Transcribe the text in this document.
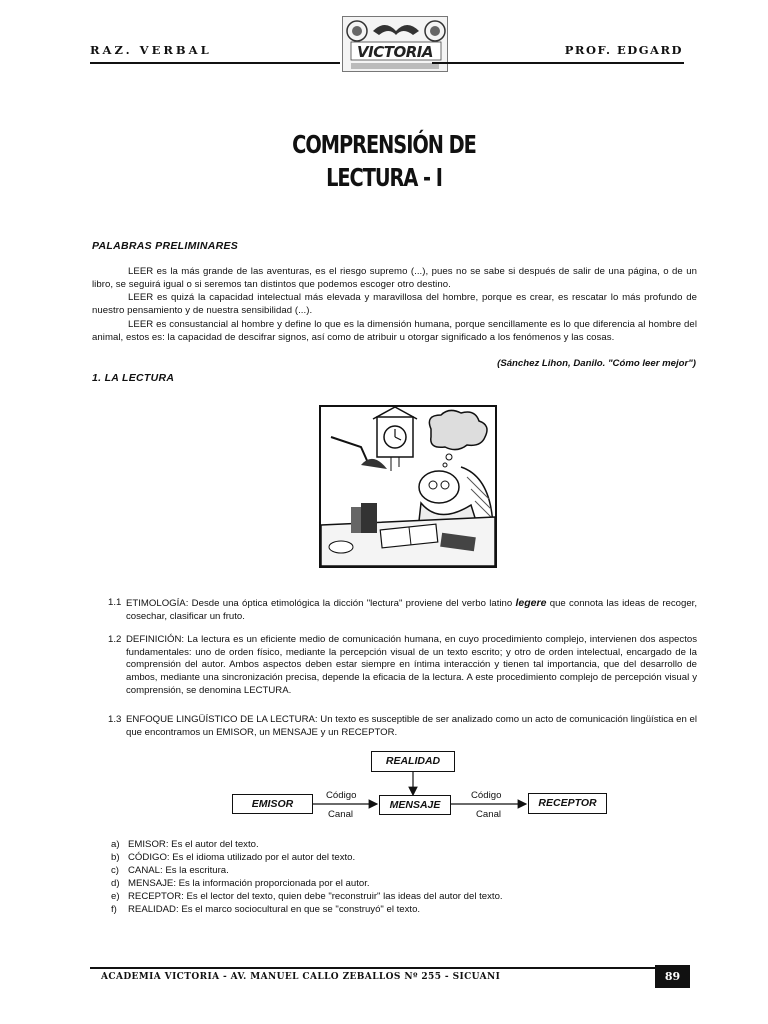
RAZ. VERBAL	VICTORIA	PROF. EDGARD
COMPRENSIÓN DE
LECTURA - I
PALABRAS PRELIMINARES
LEER es la más grande de las aventuras, es el riesgo supremo (...), pues no se sabe si después de salir de una página, o de un libro, se seguirá igual o si seremos tan distintos que podemos escoger otro destino.
LEER es quizá la capacidad intelectual más elevada y maravillosa del hombre, porque es crear, es rescatar lo más profundo de nuestro pensamiento y de nuestra sensibilidad (...).
LEER es consustancial al hombre y define lo que es la dimensión humana, porque sencillamente es lo que diferencia al hombre del animal, estos es: la capacidad de descifrar signos, así como de atribuir u otorgar significado a los fenómenos y las cosas.
(Sánchez Lihon, Danilo. "Cómo leer mejor")
1. LA LECTURA
1.1 ETIMOLOGÍA: Desde una óptica etimológica la dicción "lectura" proviene del verbo latino legere que connota las ideas de recoger, cosechar, clasificar un fruto.
1.2 DEFINICIÓN: La lectura es un eficiente medio de comunicación humana, en cuyo procedimiento complejo, intervienen dos aspectos fundamentales: uno de orden físico, mediante la percepción visual de un texto escrito; y otro de orden intelectual, encargado de la comprensión del autor. Ambos aspectos deben estar siempre en íntima interacción y tienen tal importancia, que del desarrollo de ambos, mediante una sincronización precisa, depende la eficacia de la lectura. A este procedimiento complejo de percepción visual y comprensión, se denomina LECTURA.
1.3 ENFOQUE LINGÜÍSTICO DE LA LECTURA: Un texto es susceptible de ser analizado como un acto de comunicación lingüística en el que encontramos un EMISOR, un MENSAJE y un RECEPTOR.
REALIDAD
EMISOR	MENSAJE	RECEPTOR
Código
Canal
Código
Canal
a) EMISOR: Es el autor del texto.
b) CÓDIGO: Es el idioma utilizado por el autor del texto.
c) CANAL: Es la escritura.
d) MENSAJE: Es la información proporcionada por el autor.
e) RECEPTOR: Es el lector del texto, quien debe "reconstruir" las ideas del autor del texto.
f) REALIDAD: Es el marco sociocultural en que se "construyó" el texto.
ACADEMIA VICTORIA - AV. MANUEL CALLO ZEBALLOS Nº 255 - SICUANI	89
